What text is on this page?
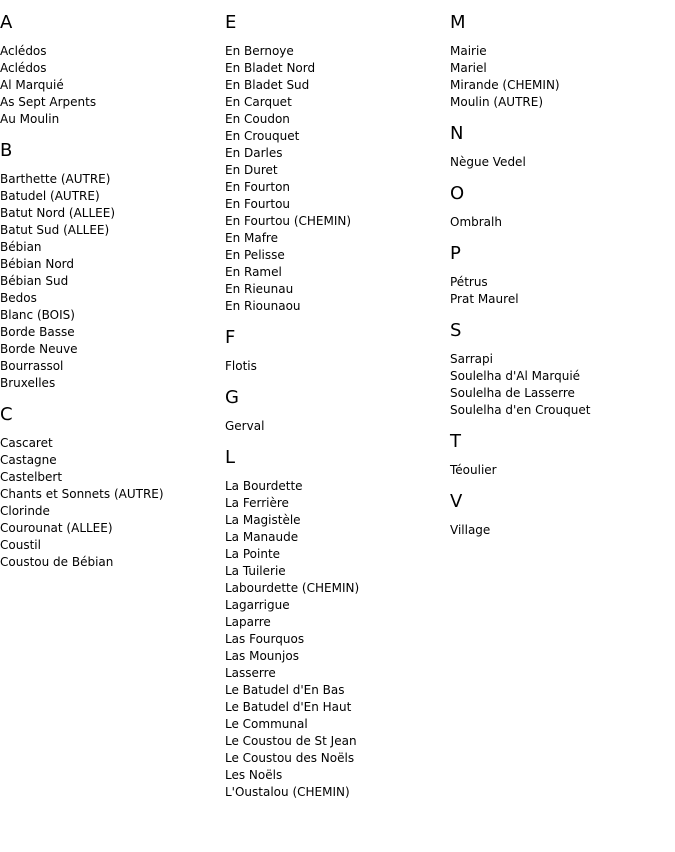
A
Aclédos
Aclédos
Al Marquié
As Sept Arpents
Au Moulin
B
Barthette (AUTRE)
Batudel (AUTRE)
Batut Nord (ALLEE)
Batut Sud (ALLEE)
Bébian
Bébian Nord
Bébian Sud
Bedos
Blanc (BOIS)
Borde Basse
Borde Neuve
Bourrassol
Bruxelles
C
Cascaret
Castagne
Castelbert
Chants et Sonnets (AUTRE)
Clorinde
Courounat (ALLEE)
Coustil
Coustou de Bébian
E
En Bernoye
En Bladet Nord
En Bladet Sud
En Carquet
En Coudon
En Crouquet
En Darles
En Duret
En Fourton
En Fourtou
En Fourtou (CHEMIN)
En Mafre
En Pelisse
En Ramel
En Rieunau
En Riounaou
F
Flotis
G
Gerval
L
La Bourdette
La Ferrière
La Magistèle
La Manaude
La Pointe
La Tuilerie
Labourdette (CHEMIN)
Lagarrigue
Laparre
Las Fourquos
Las Mounjos
Lasserre
Le Batudel d'En Bas
Le Batudel d'En Haut
Le Communal
Le Coustou de St Jean
Le Coustou des Noëls
Les Noëls
L'Oustalou (CHEMIN)
M
Mairie
Mariel
Mirande (CHEMIN)
Moulin (AUTRE)
N
Nègue Vedel
O
Ombralh
P
Pétrus
Prat Maurel
S
Sarrapi
Soulelha d'Al Marquié
Soulelha de Lasserre
Soulelha d'en Crouquet
T
Téoulier
V
Village
